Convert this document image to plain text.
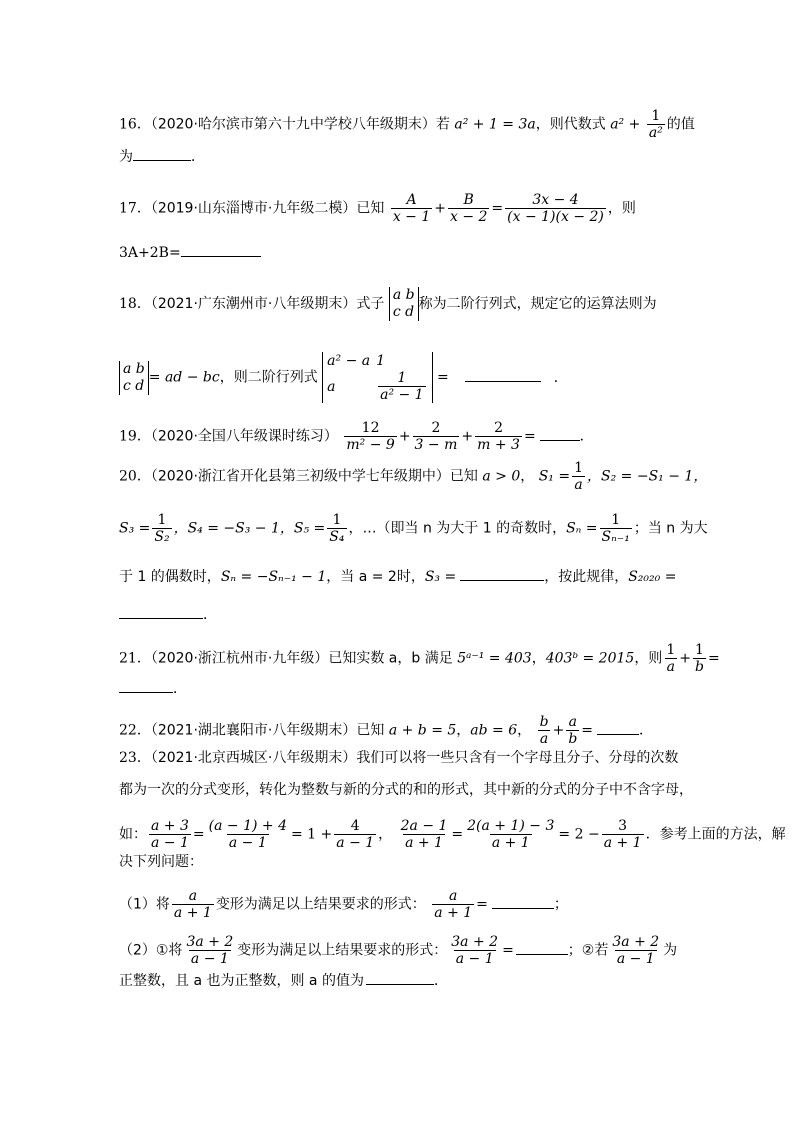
16．（2020·哈尔滨市第六十九中学校八年级期末）若 a² + 1 = 3a，则代数式 $a^2 + \frac{1}{\text{a²}}$ 的值
为	．
17．（2019·山东淄博市·九年级二模）已知 $\frac{A}{x - 1} + \frac{B}{x - 2} = \frac{3x - 4}{(x - 1)(x - 2)}$ ，则
3A+2B=
18．（2021·广东潮州市·八年级期末）式子
a b
c d 称为二阶行列式，规定它的运算法则为
a b
c d = ad − bc，则二阶行列式
a² − a 1
a	$\frac{1}{\text{a² − 1}}$ =	．
19．（2020·全国八年级课时练习） $\frac{12}{\text{m² − 9}} + \frac{2}{3 - m} + \frac{2}{m + 3}$ =	．
20．（2020·浙江省开化县第三初级中学七年级期中）已知 a > 0， $S_1 = \frac{1}{a}$ ，S₂ = −S₁ − 1，
$S_3 = \frac{1}{\text{S₂}}$ ，S₄ = −S₃ − 1，$S_5 = \frac{1}{\text{S₄}}$ ，…（即当 n 为大于 1 的奇数时，$S_n = \frac{1}{\text{Sₙ₋₁}}$ ；当 n 为大
于 1 的偶数时，Sₙ = −Sₙ₋₁ − 1，当 a = 2时，S₃ =	，按此规律，S₂₀₂₀ =
．
21．（2020·浙江杭州市·九年级）已知实数 a，b 满足 5ᵃ⁻¹ = 403，403ᵇ = 2015，则 $\frac{1}{a} + \frac{1}{b}$ =
．
22．（2021·湖北襄阳市·八年级期末）已知 a + b = 5，ab = 6， $\frac{b}{a} + \frac{a}{b}$ =	．
23．（2021·北京西城区·八年级期末）我们可以将一些只含有一个字母且分子、分母的次数
都为一次的分式变形，转化为整数与新的分式的和的形式，其中新的分式的分子中不含字母，
如： $\frac{a + 3}{a - 1} = \frac{(a - 1) + 4}{a - 1} = 1 + \frac{4}{a - 1}$ ， $\frac{2a - 1}{a + 1} = \frac{2(a + 1) - 3}{a + 1} = 2 - \frac{3}{a + 1}$ ．参考上面的方法，解
决下列问题：
（1）将 $\frac{a}{a + 1}$ 变形为满足以上结果要求的形式： $\frac{a}{a + 1}$ =	；
（2）①将 $\frac{3a + 2}{a - 1}$ 变形为满足以上结果要求的形式： $\frac{3a + 2}{a - 1}$ =	；②若 $\frac{3a + 2}{a - 1}$ 为
正整数，且 a 也为正整数，则 a 的值为	．
